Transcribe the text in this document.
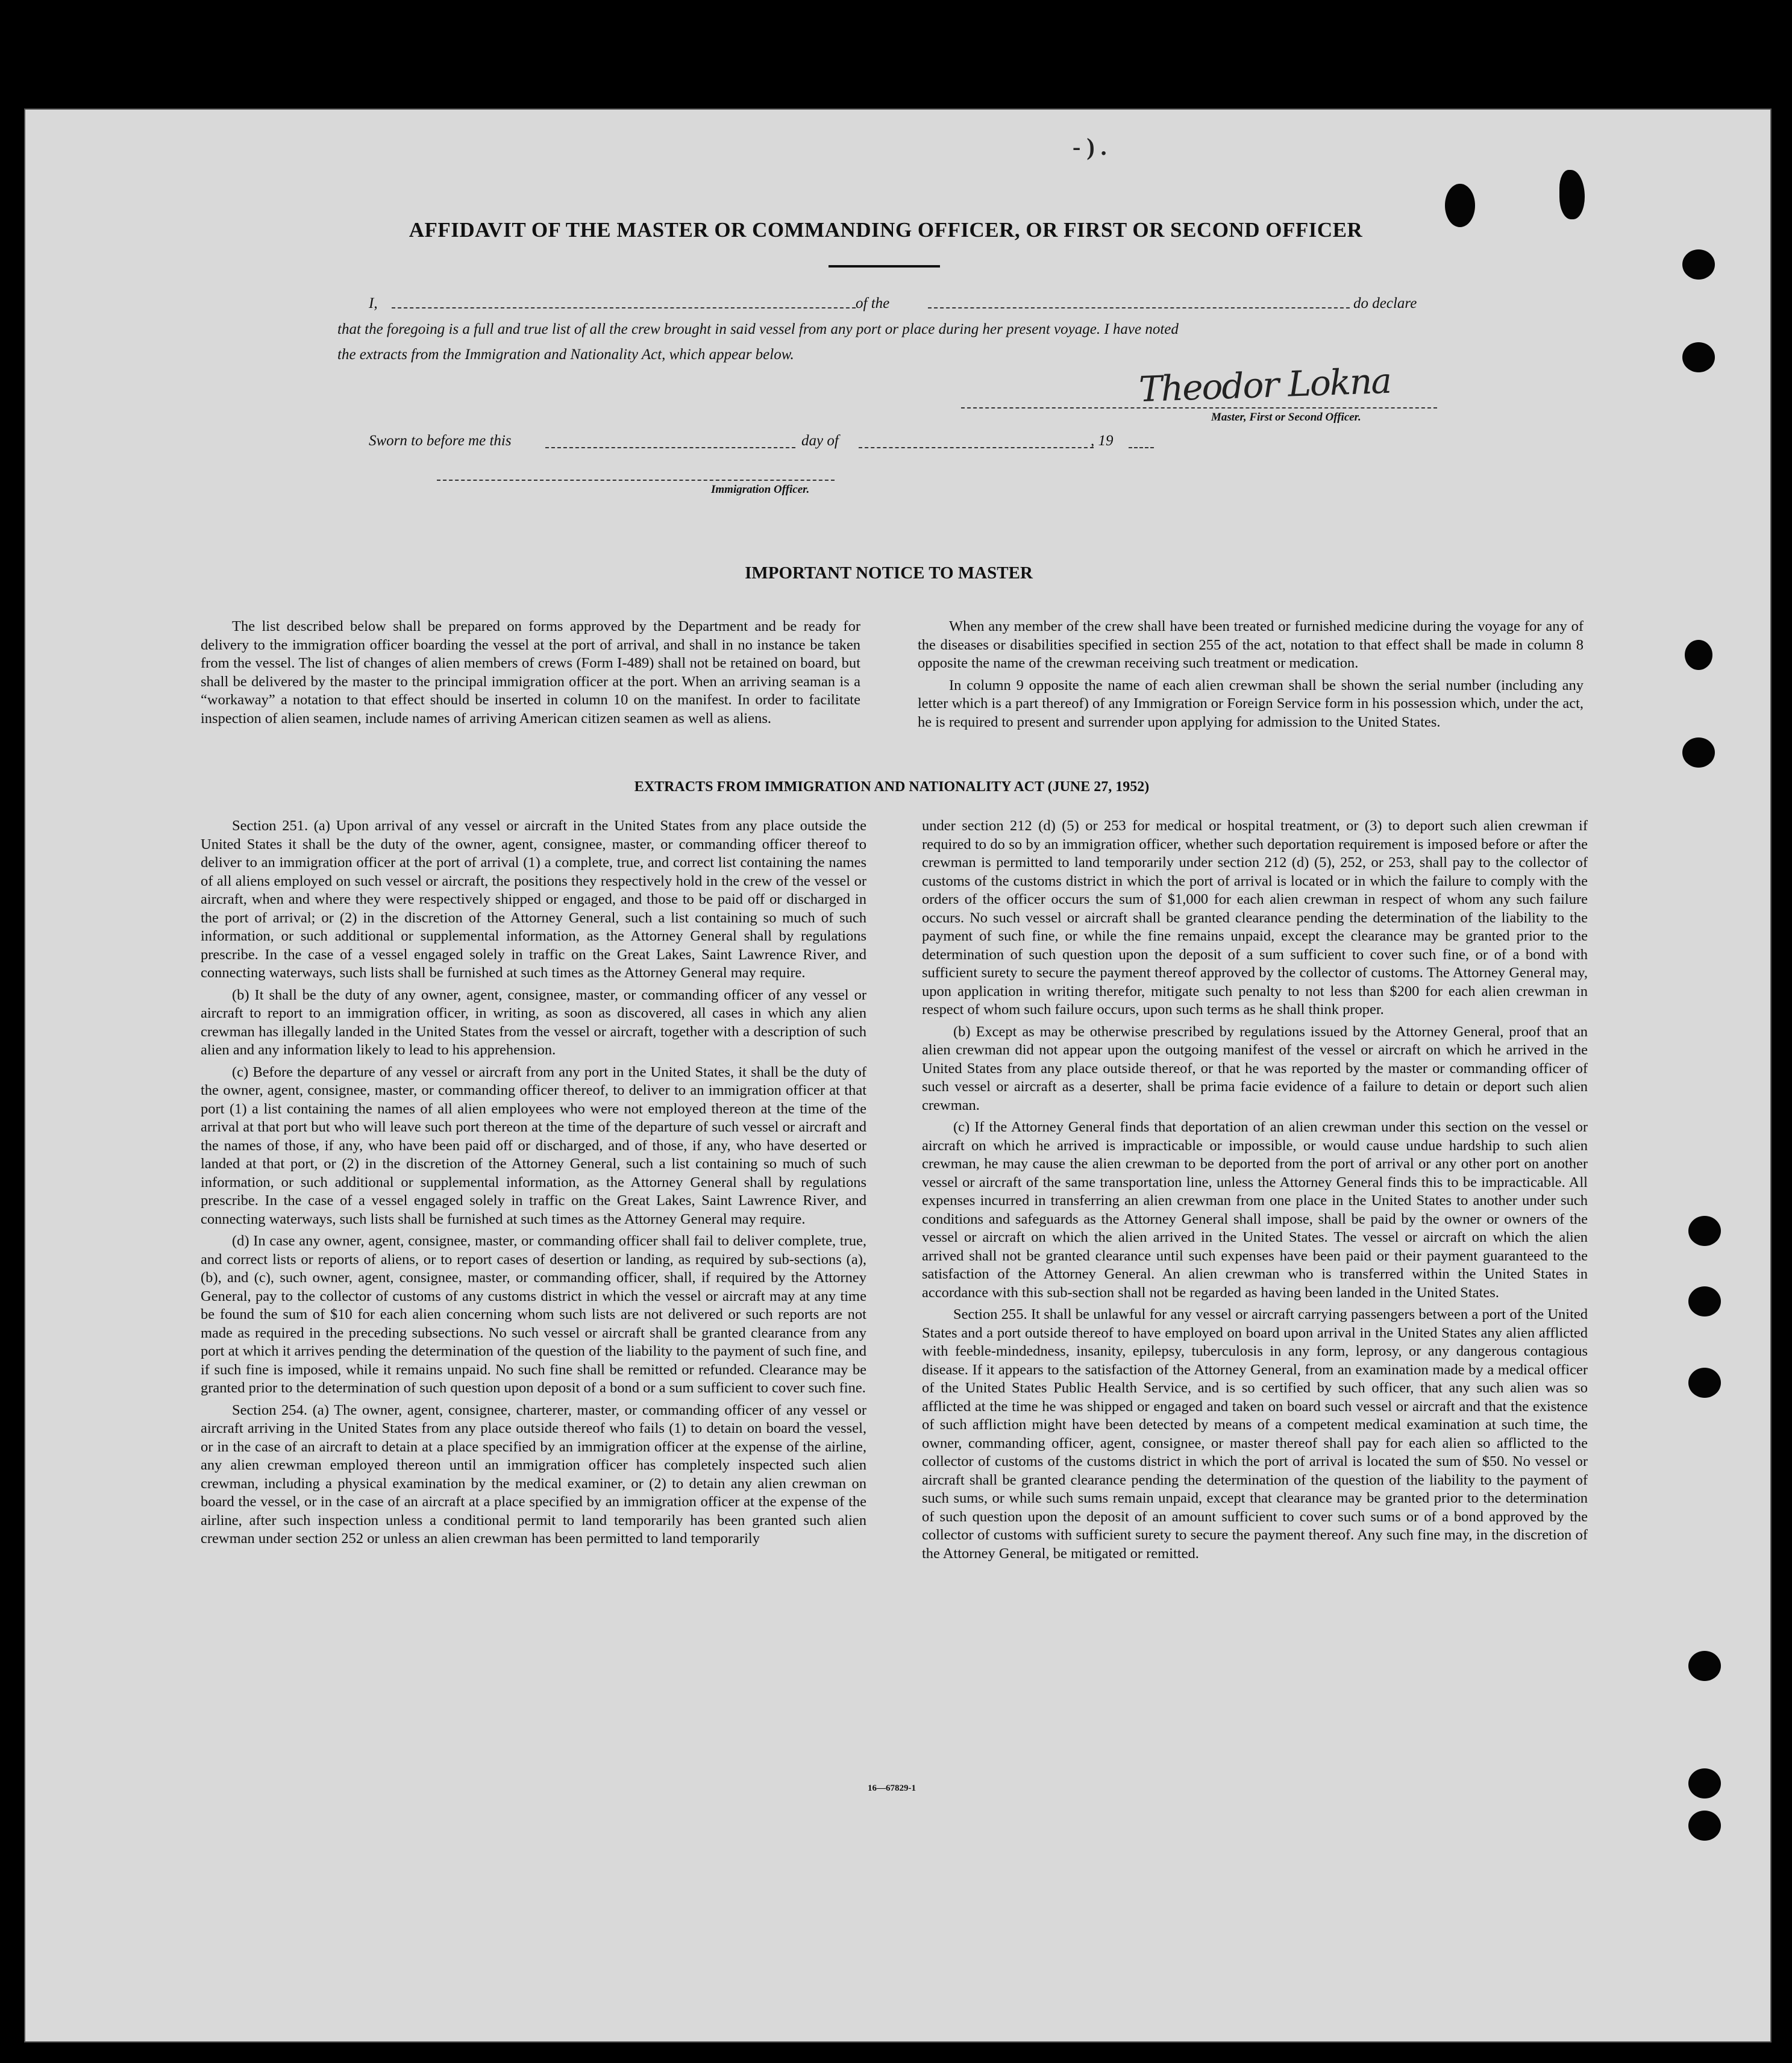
- ) .
AFFIDAVIT OF THE MASTER OR COMMANDING OFFICER, OR FIRST OR SECOND OFFICER
I,	of the	do declare
that the foregoing is a full and true list of all the crew brought in said vessel from any port or place during her present voyage. I have noted
the extracts from the Immigration and Nationality Act, which appear below.
Theodor Lokna
Master, First or Second Officer.
Sworn to before me this	day of	, 19
Immigration Officer.
IMPORTANT NOTICE TO MASTER

The list described below shall be prepared on forms approved by the Department and be ready for delivery to the immigration officer boarding the vessel at the port of arrival, and shall in no instance be taken from the vessel. The list of changes of alien members of crews (Form I-489) shall not be retained on board, but shall be delivered by the master to the principal immigration officer at the port. When an arriving seaman is a “workaway” a notation to that effect should be inserted in column 10 on the manifest. In order to facilitate inspection of alien seamen, include names of arriving American citizen seamen as well as aliens.

When any member of the crew shall have been treated or furnished medicine during the voyage for any of the diseases or disabilities specified in section 255 of the act, notation to that effect shall be made in column 8 opposite the name of the crewman receiving such treatment or medication.

In column 9 opposite the name of each alien crewman shall be shown the serial number (including any letter which is a part thereof) of any Immigration or Foreign Service form in his possession which, under the act, he is required to present and surrender upon applying for admission to the United States.

EXTRACTS FROM IMMIGRATION AND NATIONALITY ACT (JUNE 27, 1952)

Section 251. (a) Upon arrival of any vessel or aircraft in the United States from any place outside the United States it shall be the duty of the owner, agent, consignee, master, or commanding officer thereof to deliver to an immigration officer at the port of arrival (1) a complete, true, and correct list containing the names of all aliens employed on such vessel or aircraft, the positions they respectively hold in the crew of the vessel or aircraft, when and where they were respectively shipped or engaged, and those to be paid off or discharged in the port of arrival; or (2) in the discretion of the Attorney General, such a list containing so much of such information, or such additional or supplemental information, as the Attorney General shall by regulations prescribe. In the case of a vessel engaged solely in traffic on the Great Lakes, Saint Lawrence River, and connecting waterways, such lists shall be furnished at such times as the Attorney General may require.

(b) It shall be the duty of any owner, agent, consignee, master, or commanding officer of any vessel or aircraft to report to an immigration officer, in writing, as soon as discovered, all cases in which any alien crewman has illegally landed in the United States from the vessel or aircraft, together with a description of such alien and any information likely to lead to his apprehension.

(c) Before the departure of any vessel or aircraft from any port in the United States, it shall be the duty of the owner, agent, consignee, master, or commanding officer thereof, to deliver to an immigration officer at that port (1) a list containing the names of all alien employees who were not employed thereon at the time of the arrival at that port but who will leave such port thereon at the time of the departure of such vessel or aircraft and the names of those, if any, who have been paid off or discharged, and of those, if any, who have deserted or landed at that port, or (2) in the discretion of the Attorney General, such a list containing so much of such information, or such additional or supplemental information, as the Attorney General shall by regulations prescribe. In the case of a vessel engaged solely in traffic on the Great Lakes, Saint Lawrence River, and connecting waterways, such lists shall be furnished at such times as the Attorney General may require.

(d) In case any owner, agent, consignee, master, or commanding officer shall fail to deliver complete, true, and correct lists or reports of aliens, or to report cases of desertion or landing, as required by sub-sections (a), (b), and (c), such owner, agent, consignee, master, or commanding officer, shall, if required by the Attorney General, pay to the collector of customs of any customs district in which the vessel or aircraft may at any time be found the sum of $10 for each alien concerning whom such lists are not delivered or such reports are not made as required in the preceding subsections. No such vessel or aircraft shall be granted clearance from any port at which it arrives pending the determination of the question of the liability to the payment of such fine, and if such fine is imposed, while it remains unpaid. No such fine shall be remitted or refunded. Clearance may be granted prior to the determination of such question upon deposit of a bond or a sum sufficient to cover such fine.

Section 254. (a) The owner, agent, consignee, charterer, master, or commanding officer of any vessel or aircraft arriving in the United States from any place outside thereof who fails (1) to detain on board the vessel, or in the case of an aircraft to detain at a place specified by an immigration officer at the expense of the airline, any alien crewman employed thereon until an immigration officer has completely inspected such alien crewman, including a physical examination by the medical examiner, or (2) to detain any alien crewman on board the vessel, or in the case of an aircraft at a place specified by an immigration officer at the expense of the airline, after such inspection unless a conditional permit to land temporarily has been granted such alien crewman under section 252 or unless an alien crewman has been permitted to land temporarily

under section 212 (d) (5) or 253 for medical or hospital treatment, or (3) to deport such alien crewman if required to do so by an immigration officer, whether such deportation requirement is imposed before or after the crewman is permitted to land temporarily under section 212 (d) (5), 252, or 253, shall pay to the collector of customs of the customs district in which the port of arrival is located or in which the failure to comply with the orders of the officer occurs the sum of $1,000 for each alien crewman in respect of whom any such failure occurs. No such vessel or aircraft shall be granted clearance pending the determination of the liability to the payment of such fine, or while the fine remains unpaid, except the clearance may be granted prior to the determination of such question upon the deposit of a sum sufficient to cover such fine, or of a bond with sufficient surety to secure the payment thereof approved by the collector of customs. The Attorney General may, upon application in writing therefor, mitigate such penalty to not less than $200 for each alien crewman in respect of whom such failure occurs, upon such terms as he shall think proper.

(b) Except as may be otherwise prescribed by regulations issued by the Attorney General, proof that an alien crewman did not appear upon the outgoing manifest of the vessel or aircraft on which he arrived in the United States from any place outside thereof, or that he was reported by the master or commanding officer of such vessel or aircraft as a deserter, shall be prima facie evidence of a failure to detain or deport such alien crewman.

(c) If the Attorney General finds that deportation of an alien crewman under this section on the vessel or aircraft on which he arrived is impracticable or impossible, or would cause undue hardship to such alien crewman, he may cause the alien crewman to be deported from the port of arrival or any other port on another vessel or aircraft of the same transportation line, unless the Attorney General finds this to be impracticable. All expenses incurred in transferring an alien crewman from one place in the United States to another under such conditions and safeguards as the Attorney General shall impose, shall be paid by the owner or owners of the vessel or aircraft on which the alien arrived in the United States. The vessel or aircraft on which the alien arrived shall not be granted clearance until such expenses have been paid or their payment guaranteed to the satisfaction of the Attorney General. An alien crewman who is transferred within the United States in accordance with this sub-section shall not be regarded as having been landed in the United States.

Section 255. It shall be unlawful for any vessel or aircraft carrying passengers between a port of the United States and a port outside thereof to have employed on board upon arrival in the United States any alien afflicted with feeble-mindedness, insanity, epilepsy, tuberculosis in any form, leprosy, or any dangerous contagious disease. If it appears to the satisfaction of the Attorney General, from an examination made by a medical officer of the United States Public Health Service, and is so certified by such officer, that any such alien was so afflicted at the time he was shipped or engaged and taken on board such vessel or aircraft and that the existence of such affliction might have been detected by means of a competent medical examination at such time, the owner, commanding officer, agent, consignee, or master thereof shall pay for each alien so afflicted to the collector of customs of the customs district in which the port of arrival is located the sum of $50. No vessel or aircraft shall be granted clearance pending the determination of the question of the liability to the payment of such sums, or while such sums remain unpaid, except that clearance may be granted prior to the determination of such question upon the deposit of an amount sufficient to cover such sums or of a bond approved by the collector of customs with sufficient surety to secure the payment thereof. Any such fine may, in the discretion of the Attorney General, be mitigated or remitted.

16—67829-1
